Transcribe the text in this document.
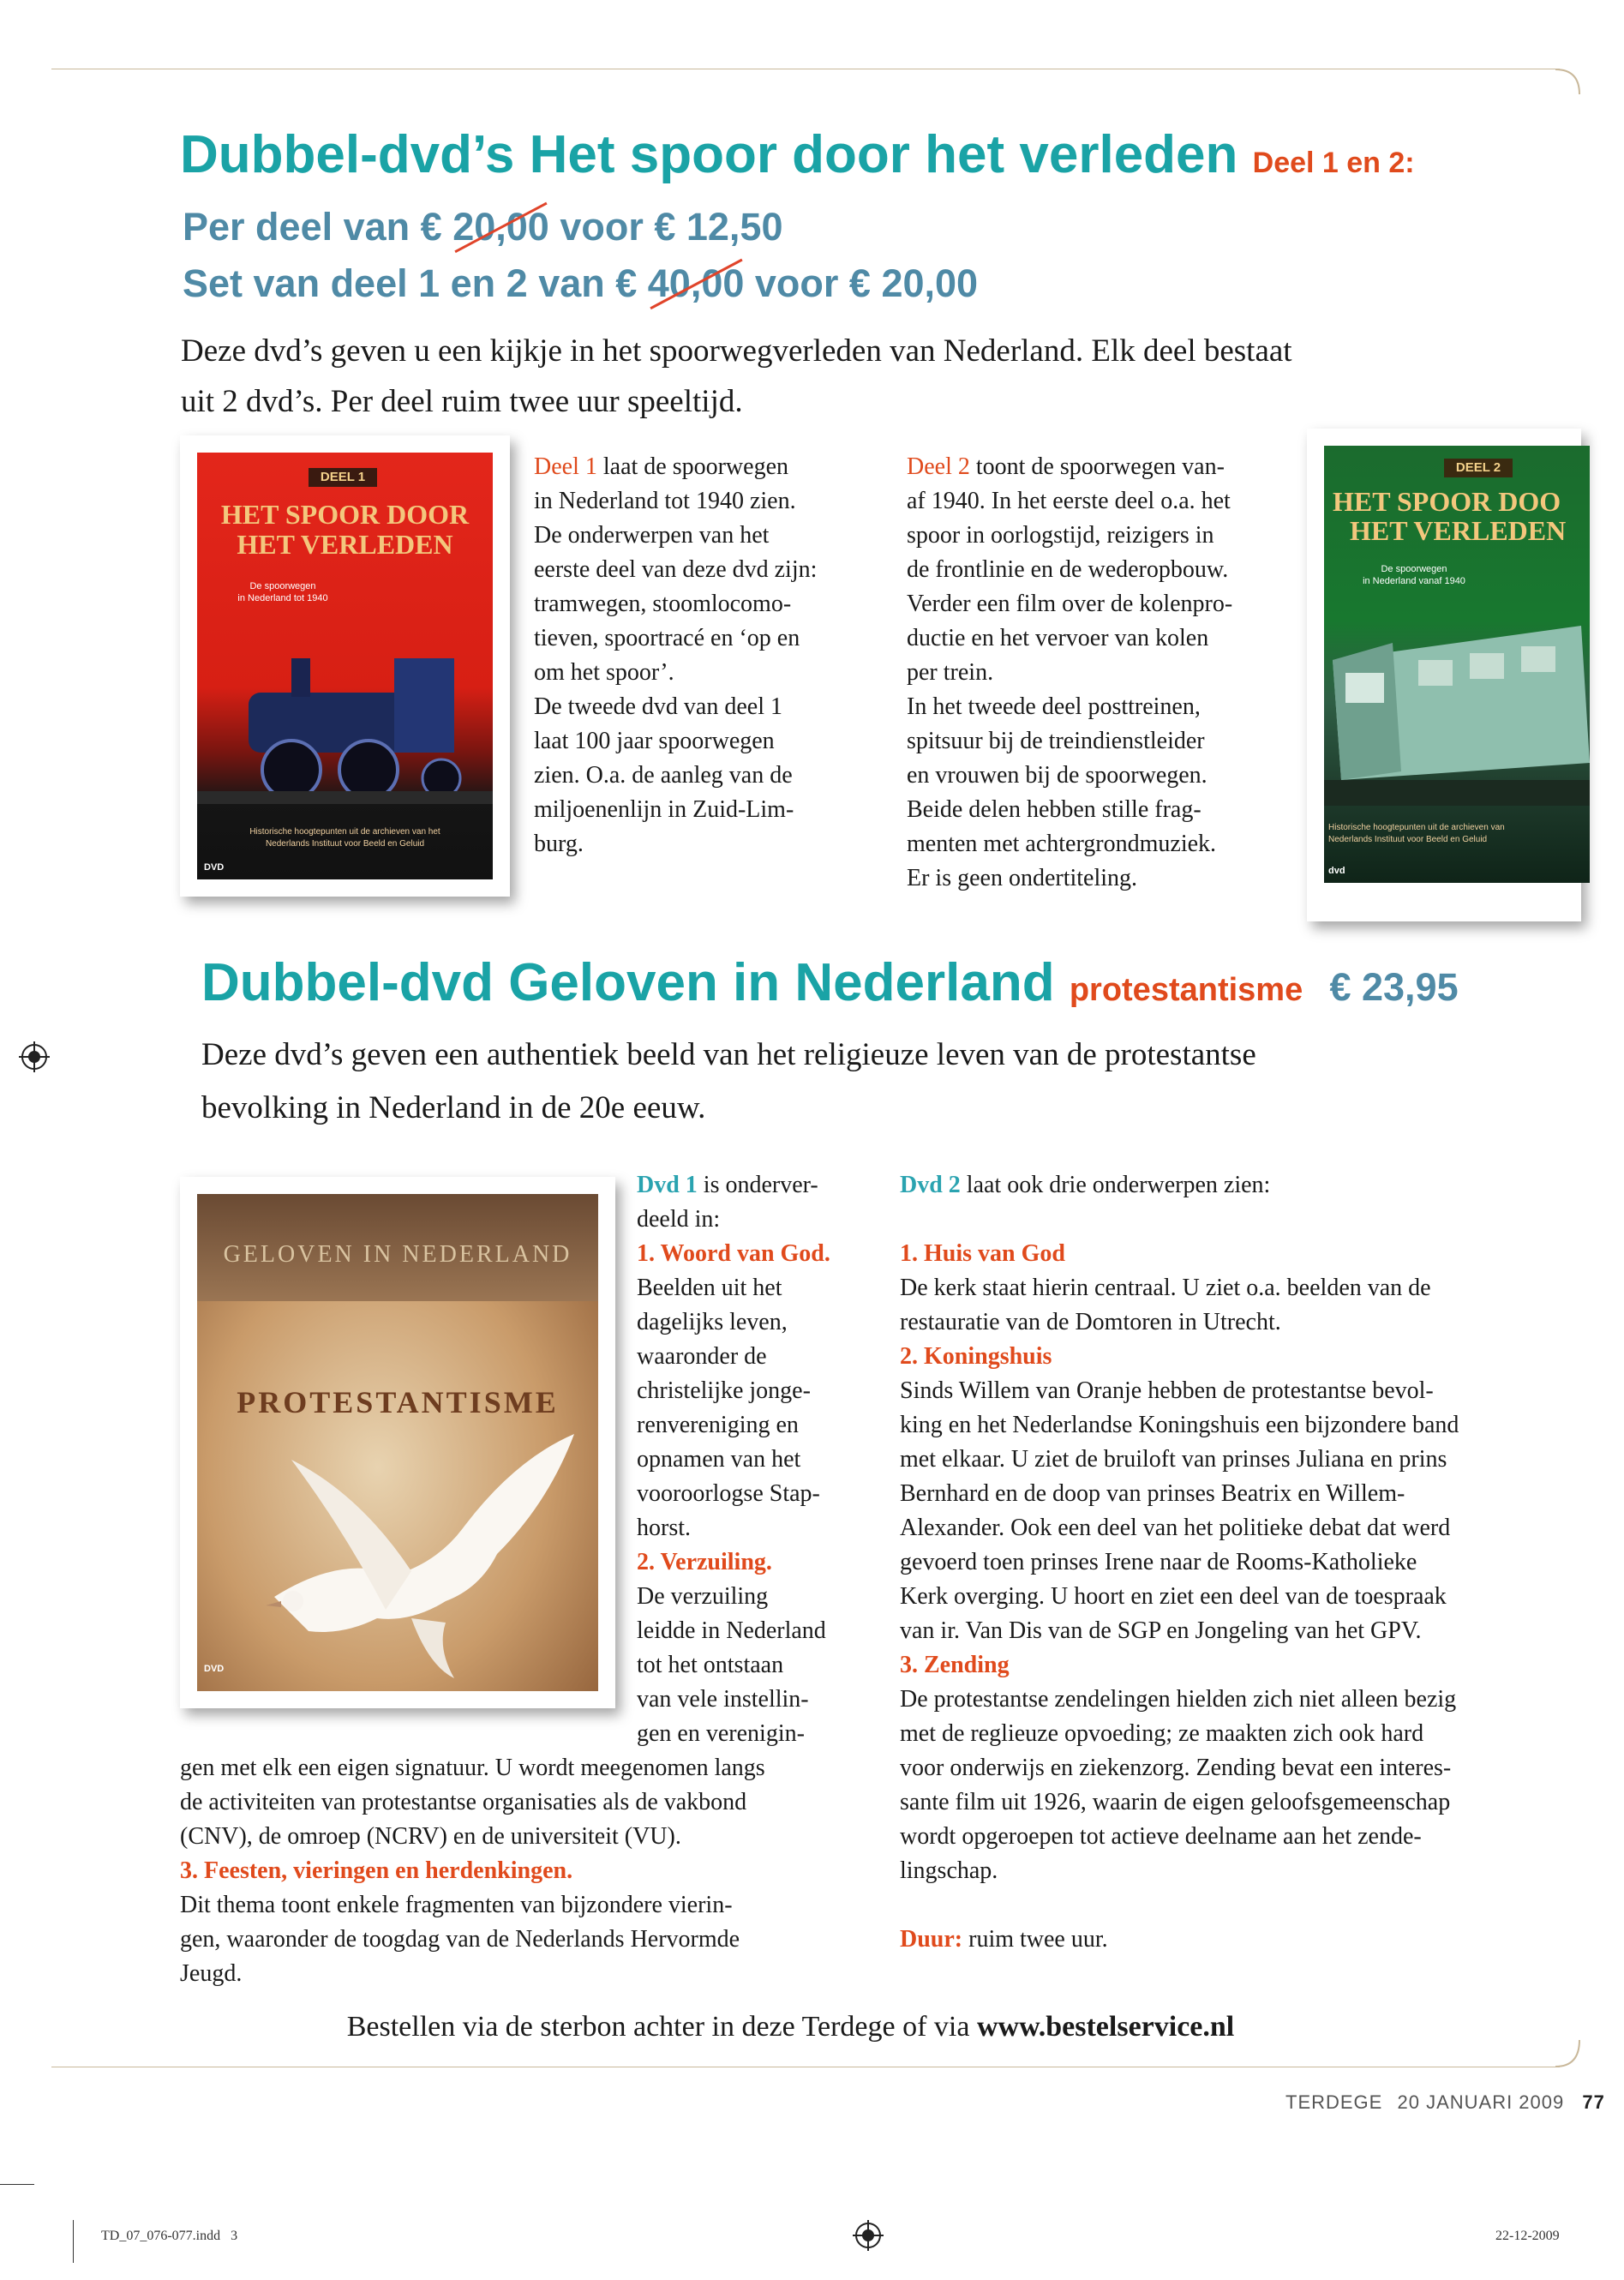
Dubbel-dvd’s Het spoor door het verleden Deel 1 en 2:
Per deel van € 20,00 voor € 12,50
Set van deel 1 en 2 van € 40,00 voor € 20,00
Deze dvd’s geven u een kijkje in het spoorwegverleden van Nederland. Elk deel bestaat
uit 2 dvd’s. Per deel ruim twee uur speeltijd.
DEEL 1
HET SPOOR DOOR
HET VERLEDEN
De spoorwegen
in Nederland tot 1940
Historische hoogtepunten uit de archieven van het
Nederlands Instituut voor Beeld en Geluid
DVD

Deel 1 laat de spoorwegen

in Nederland tot 1940 zien.

De onderwerpen van het

eerste deel van deze dvd zijn:

tramwegen, stoomlocomo-

tieven, spoortracé en ‘op en

om het spoor’.

De tweede dvd van deel 1

laat 100 jaar spoorwegen

zien. O.a. de aanleg van de

miljoenenlijn in Zuid-Lim-

burg.

Deel 2 toont de spoorwegen van-

af 1940. In het eerste deel o.a. het

spoor in oorlogstijd, reizigers in

de frontlinie en de wederopbouw.

Verder een film over de kolenpro-

ductie en het vervoer van kolen

per trein.

In het tweede deel posttreinen,

spitsuur bij de treindienstleider

en vrouwen bij de spoorwegen.

Beide delen hebben stille frag-

menten met achtergrondmuziek.

Er is geen ondertiteling.

DEEL 2
HET SPOOR DOO
HET VERLEDEN
De spoorwegen
in Nederland vanaf 1940
Historische hoogtepunten uit de archieven van
Nederlands Instituut voor Beeld en Geluid
dvd
Dubbel-dvd Geloven in Nederland protestantisme € 23,95
Deze dvd’s geven een authentiek beeld van het religieuze leven van de protestantse
bevolking in Nederland in de 20e eeuw.
GELOVEN IN NEDERLAND
PROTESTANTISME
DVD

Dvd 1 is onderver-

deeld in:

1. Woord van God.

Beelden uit het

dagelijks leven,

waaronder de

christelijke jonge-

renvereniging en

opnamen van het

vooroorlogse Stap-

horst.

2. Verzuiling.

De verzuiling

leidde in Nederland

tot het ontstaan

van vele instellin-

gen en verenigin-

gen met elk een eigen signatuur. U wordt meegenomen langs

de activiteiten van protestantse organisaties als de vakbond

(CNV), de omroep (NCRV) en de universiteit (VU).

3. Feesten, vieringen en herdenkingen.

Dit thema toont enkele fragmenten van bijzondere vierin-

gen, waaronder de toogdag van de Nederlands Hervormde

Jeugd.

Dvd 2 laat ook drie onderwerpen zien:

1. Huis van God

De kerk staat hierin centraal. U ziet o.a. beelden van de

restauratie van de Domtoren in Utrecht.

2. Koningshuis

Sinds Willem van Oranje hebben de protestantse bevol-

king en het Nederlandse Koningshuis een bijzondere band

met elkaar. U ziet de bruiloft van prinses Juliana en prins

Bernhard en de doop van prinses Beatrix en Willem-

Alexander. Ook een deel van het politieke debat dat werd

gevoerd toen prinses Irene naar de Rooms-Katholieke

Kerk overging. U hoort en ziet een deel van de toespraak

van ir. Van Dis van de SGP en Jongeling van het GPV.

3. Zending

De protestantse zendelingen hielden zich niet alleen bezig

met de reglieuze opvoeding; ze maakten zich ook hard

voor onderwijs en ziekenzorg. Zending bevat een interes-

sante film uit 1926, waarin de eigen geloofsgemeenschap

wordt opgeroepen tot actieve deelname aan het zende-

lingschap.

Duur: ruim twee uur.

Bestellen via de sterbon achter in deze Terdege of via www.bestelservice.nl
TERDEGE 20 JANUARI 2009 77
TD_07_076-077.indd   3	22-12-2009
